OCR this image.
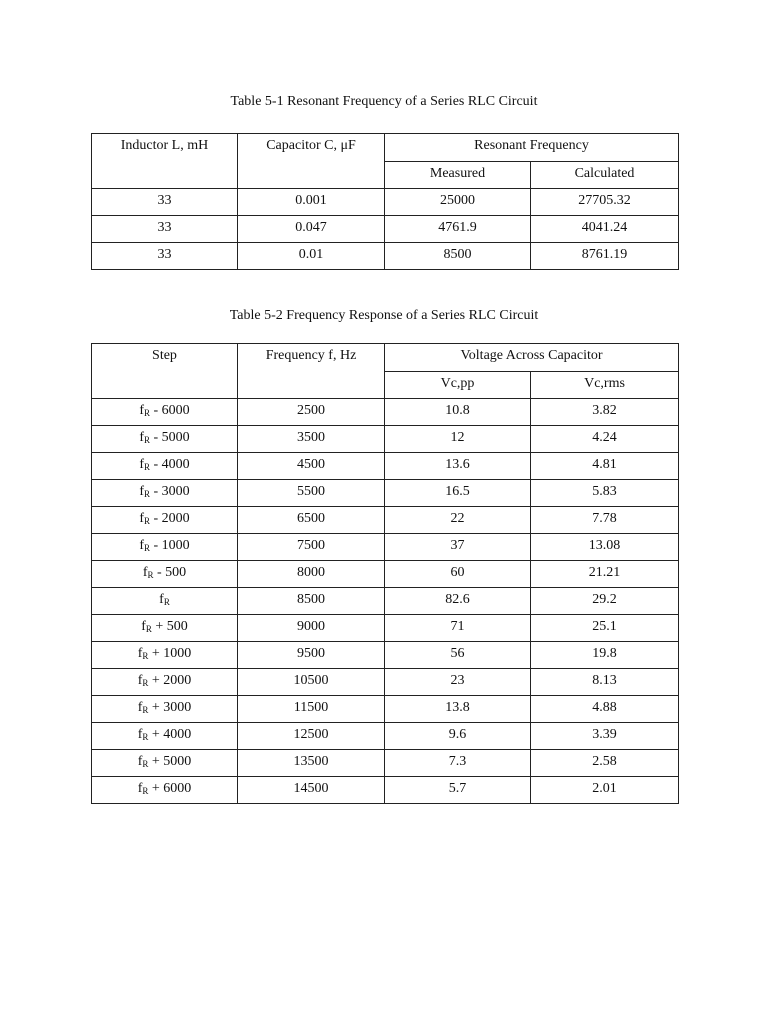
Table 5-1 Resonant Frequency of a Series RLC Circuit
Inductor L, mH	Capacitor C, μF	Resonant Frequency	

		Measured	Calculated

33	0.001	25000	27705.32

33	0.047	4761.9	4041.24

33	0.01	8500	8761.19
Table 5-2 Frequency Response of a Series RLC Circuit
Step	Frequency f, Hz	Voltage Across Capacitor	

		Vc,pp	Vc,rms

$f_R - 6000$	2500	10.8	3.82

$f_R - 5000$	3500	12	4.24

$f_R - 4000$	4500	13.6	4.81

$f_R - 3000$	5500	16.5	5.83

$f_R - 2000$	6500	22	7.78

$f_R - 1000$	7500	37	13.08

$f_R - 500$	8000	60	21.21

$f_R$	8500	82.6	29.2

$f_R + 500$	9000	71	25.1

$f_R + 1000$	9500	56	19.8

$f_R + 2000$	10500	23	8.13

$f_R + 3000$	11500	13.8	4.88

$f_R + 4000$	12500	9.6	3.39

$f_R + 5000$	13500	7.3	2.58

$f_R + 6000$	14500	5.7	2.01
